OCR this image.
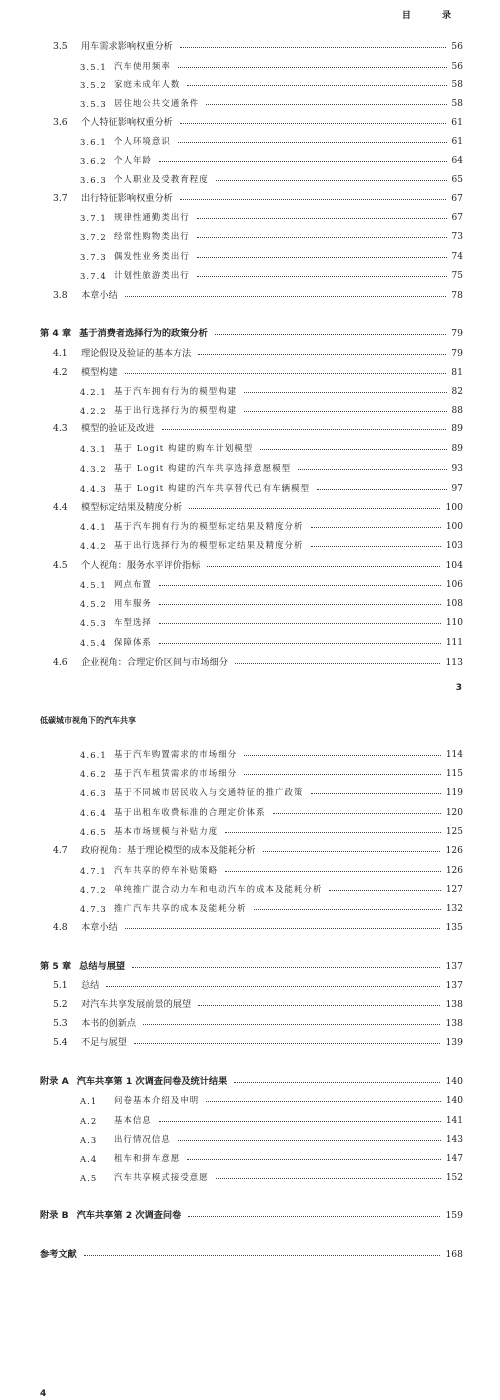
目 录
3.5	用车需求影响权重分析	56
3.5.1 汽车使用频率	56
3.5.2 家庭未成年人数	58
3.5.3 居住地公共交通条件	58
3.6	个人特征影响权重分析	61
3.6.1 个人环境意识	61
3.6.2 个人年龄	64
3.6.3 个人职业及受教育程度	65
3.7	出行特征影响权重分析	67
3.7.1 规律性通勤类出行	67
3.7.2 经常性购物类出行	73
3.7.3 偶发性业务类出行	74
3.7.4 计划性旅游类出行	75
3.8	本章小结	78
第 4 章 基于消费者选择行为的政策分析	79
4.1	理论假设及验证的基本方法	79
4.2	模型构建	81
4.2.1 基于汽车拥有行为的模型构建	82
4.2.2 基于出行选择行为的模型构建	88
4.3	模型的验证及改进	89
4.3.1 基于 Logit 构建的购车计划模型	89
4.3.2 基于 Logit 构建的汽车共享选择意愿模型	93
4.4.3 基于 Logit 构建的汽车共享替代已有车辆模型	97
4.4	模型标定结果及精度分析	100
4.4.1 基于汽车拥有行为的模型标定结果及精度分析	100
4.4.2 基于出行选择行为的模型标定结果及精度分析	103
4.5	个人视角：服务水平评价指标	104
4.5.1 网点布置	106
4.5.2 用车服务	108
4.5.3 车型选择	110
4.5.4 保障体系	111
4.6	企业视角：合理定价区间与市场细分	113
3
低碳城市视角下的汽车共享
4.6.1 基于汽车购置需求的市场细分	114
4.6.2 基于汽车租赁需求的市场细分	115
4.6.3 基于不同城市居民收入与交通特征的推广政策	119
4.6.4 基于出租车收费标准的合理定价体系	120
4.6.5 基本市场规模与补贴力度	125
4.7	政府视角：基于理论模型的成本及能耗分析	126
4.7.1 汽车共享的停车补贴策略	126
4.7.2 单纯推广混合动力车和电动汽车的成本及能耗分析	127
4.7.3 推广汽车共享的成本及能耗分析	132
4.8	本章小结	135
第 5 章 总结与展望	137
5.1	总结	137
5.2	对汽车共享发展前景的展望	138
5.3	本书的创新点	138
5.4	不足与展望	139
附录 A 汽车共享第 1 次调查问卷及统计结果	140
A.1	问卷基本介绍及申明	140
A.2	基本信息	141
A.3	出行情况信息	143
A.4	租车和拼车意愿	147
A.5	汽车共享模式接受意愿	152
附录 B 汽车共享第 2 次调查问卷	159
参考文献	168
4
